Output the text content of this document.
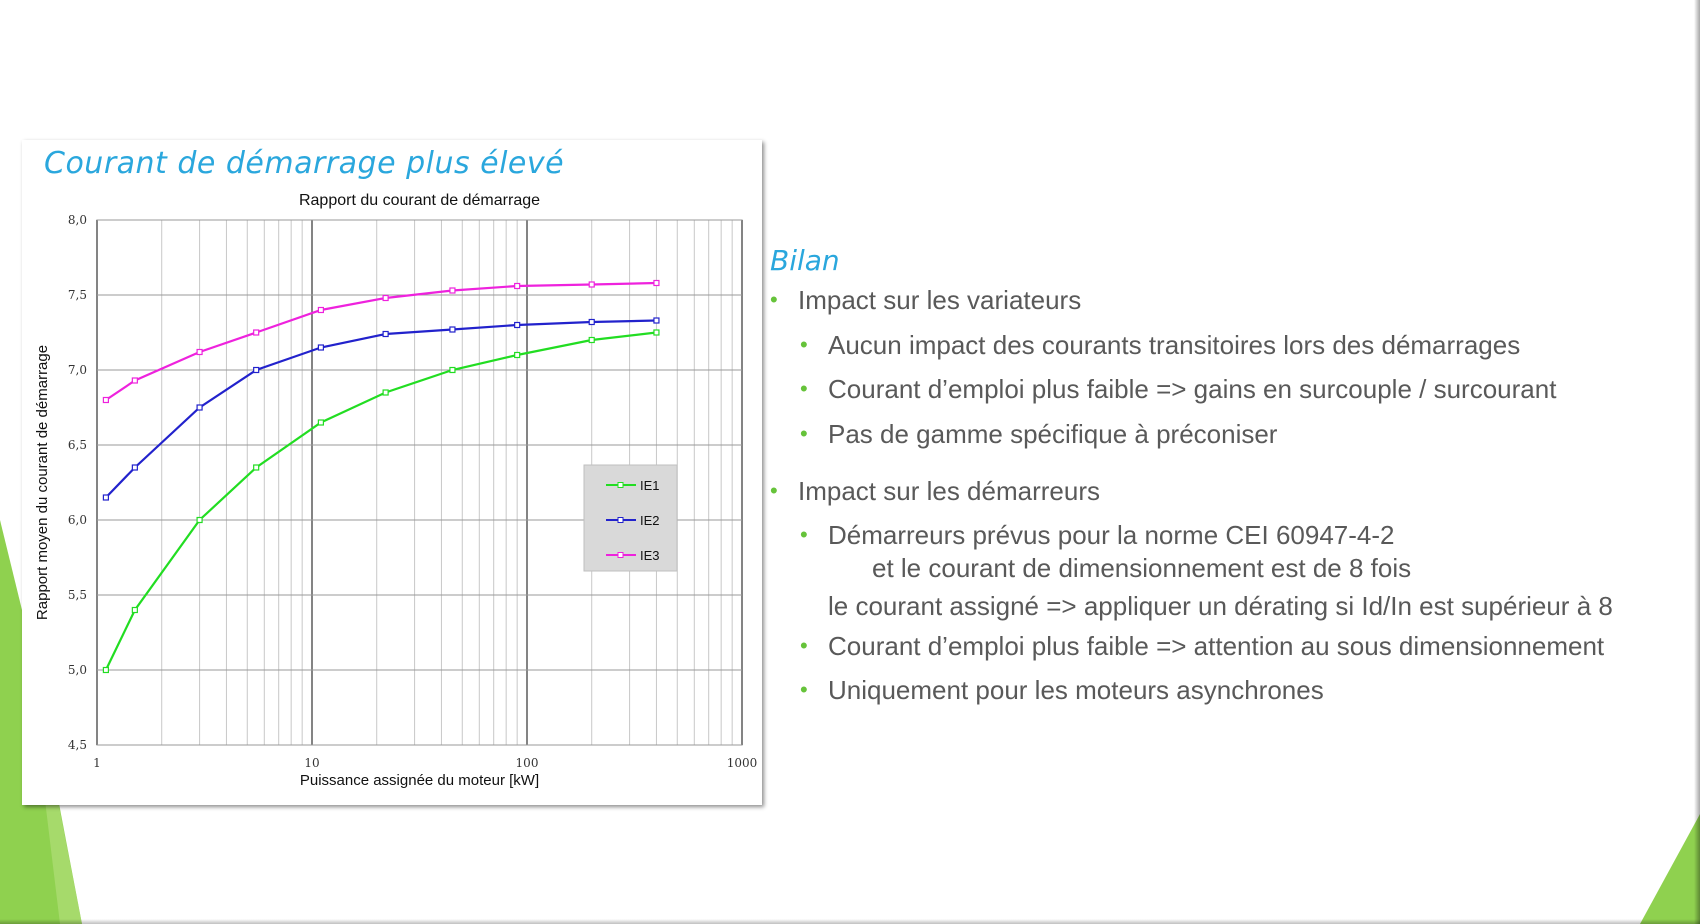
Courant de démarrage plus élevé
4,5
5,0
5,5
6,0
6,5
7,0
7,5
8,0
1	10	100	1000
Rapport du courant de démarrage
Puissance assignée du moteur [kW]
Rapport moyen du courant de démarrage	IE1
IE2
IE3
Bilan
• Impact sur les variateurs
• Aucun impact des courants transitoires lors des démarrages
• Courant d’emploi plus faible => gains en surcouple / surcourant
• Pas de gamme spécifique à préconiser
• Impact sur les démarreurs
• Démarreurs prévus pour la norme CEI 60947-4-2
et le courant de dimensionnement est de 8 fois
le courant assigné => appliquer un dérating si Id/In est supérieur à 8
• Courant d’emploi plus faible => attention au sous dimensionnement
• Uniquement pour les moteurs asynchrones
